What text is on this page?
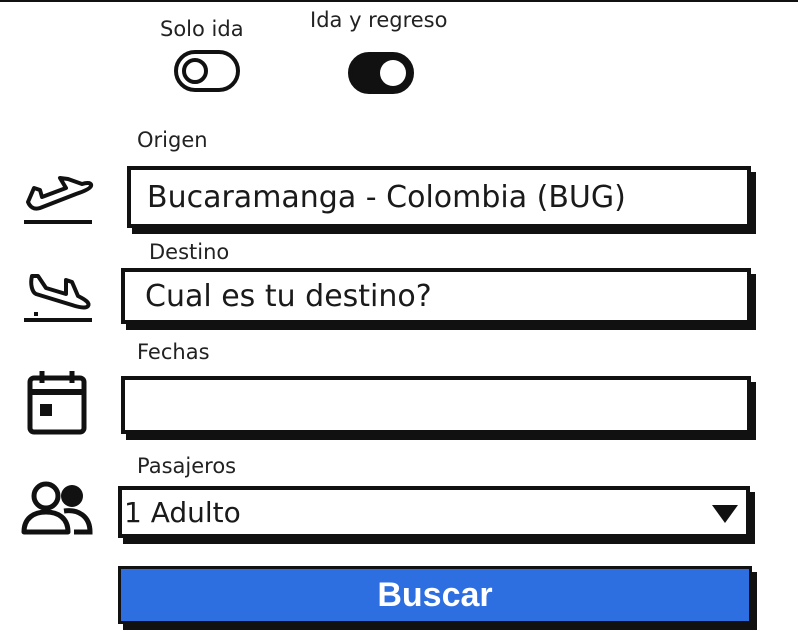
Solo ida	Ida y regreso
Origen
Bucaramanga - Colombia (BUG)
Destino
Cual es tu destino?
Fechas
Pasajeros
1 Adulto
Buscar
